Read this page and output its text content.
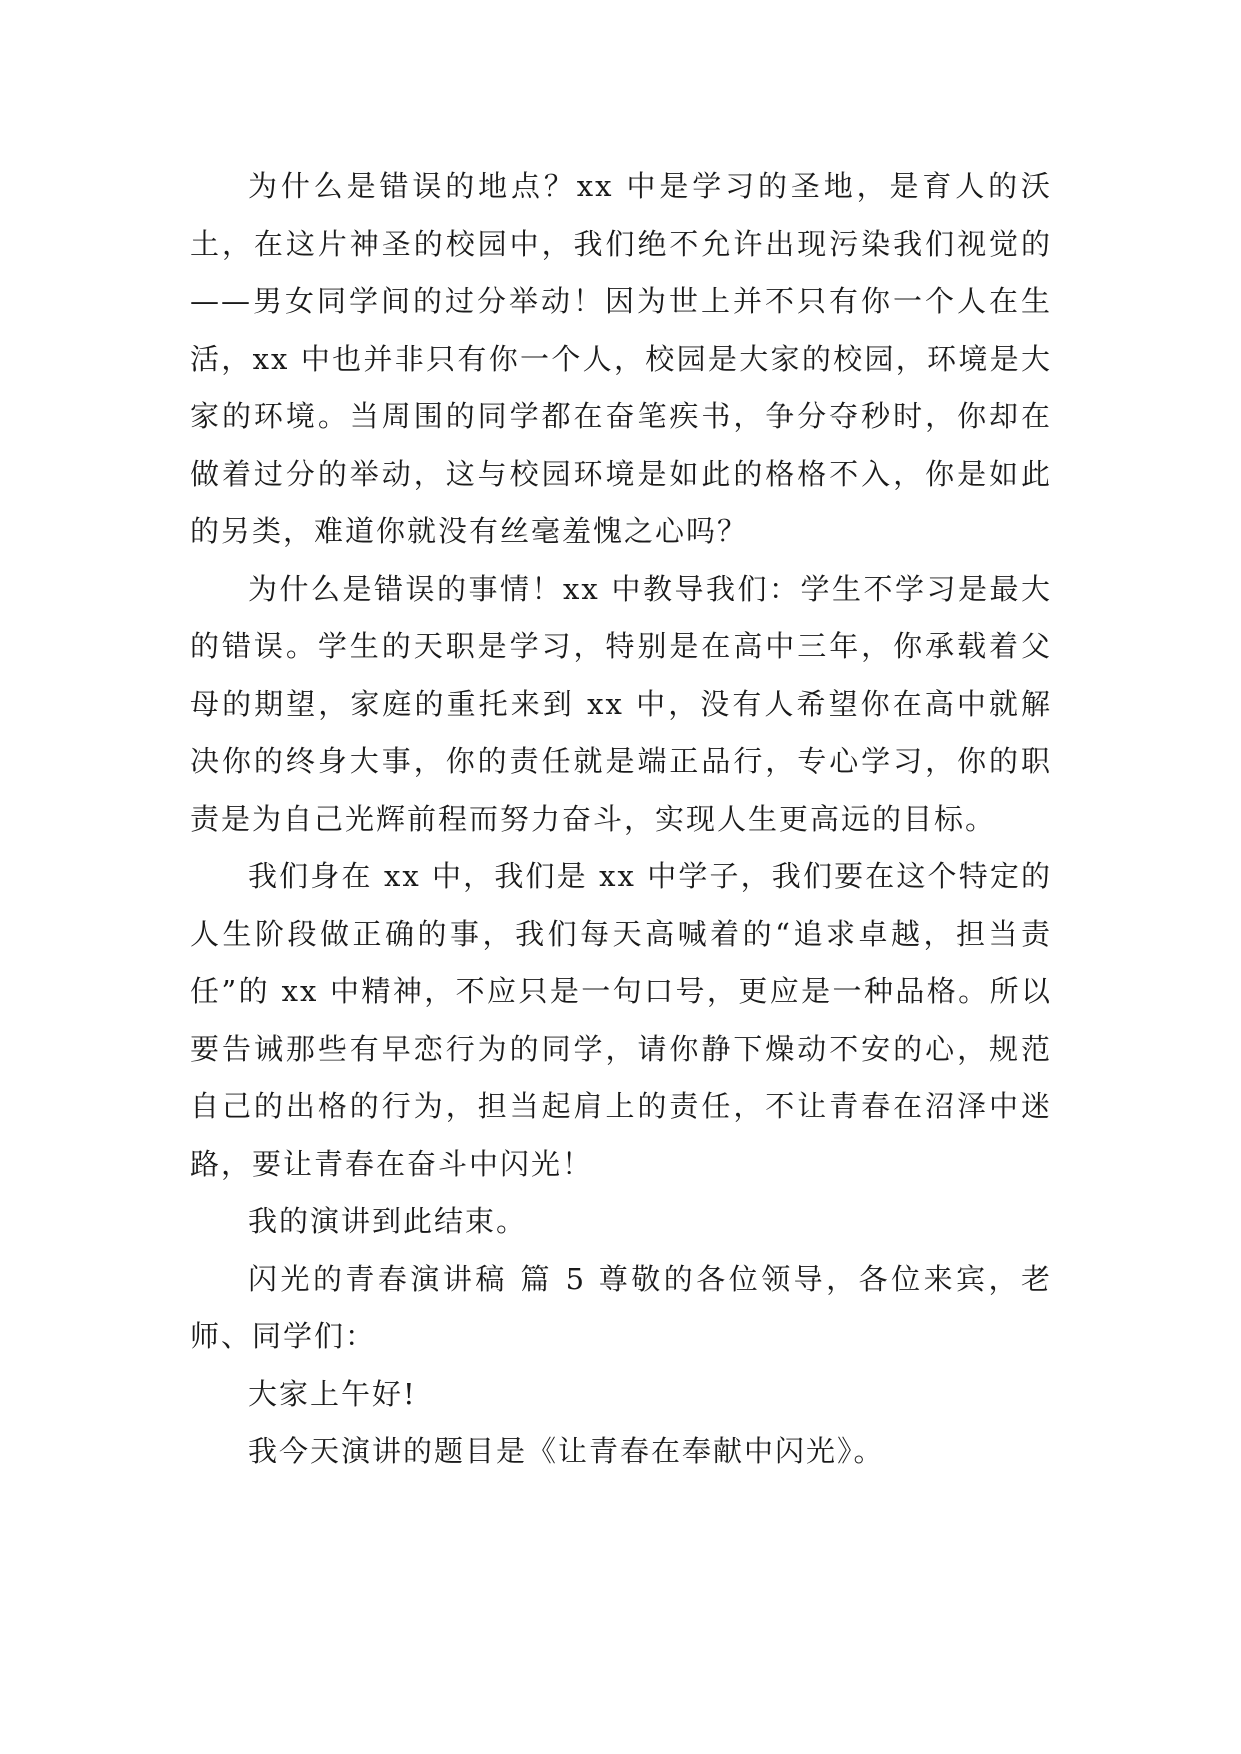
为什么是错误的地点？xx 中是学习的圣地，是育人的沃土，在这片神圣的校园中，我们绝不允许出现污染我们视觉的——男女同学间的过分举动！因为世上并不只有你一个人在生活，xx 中也并非只有你一个人，校园是大家的校园，环境是大家的环境。当周围的同学都在奋笔疾书，争分夺秒时，你却在做着过分的举动，这与校园环境是如此的格格不入，你是如此的另类，难道你就没有丝毫羞愧之心吗？

为什么是错误的事情！xx 中教导我们：学生不学习是最大的错误。学生的天职是学习，特别是在高中三年，你承载着父母的期望，家庭的重托来到 xx 中，没有人希望你在高中就解决你的终身大事，你的责任就是端正品行，专心学习，你的职责是为自己光辉前程而努力奋斗，实现人生更高远的目标。

我们身在 xx 中，我们是 xx 中学子，我们要在这个特定的人生阶段做正确的事，我们每天高喊着的“追求卓越，担当责任”的 xx 中精神，不应只是一句口号，更应是一种品格。所以要告诫那些有早恋行为的同学，请你静下燥动不安的心，规范自己的出格的行为，担当起肩上的责任，不让青春在沼泽中迷路，要让青春在奋斗中闪光！

我的演讲到此结束。

闪光的青春演讲稿 篇 5 尊敬的各位领导，各位来宾，老师、同学们：

大家上午好!

我今天演讲的题目是《让青春在奉献中闪光》。
